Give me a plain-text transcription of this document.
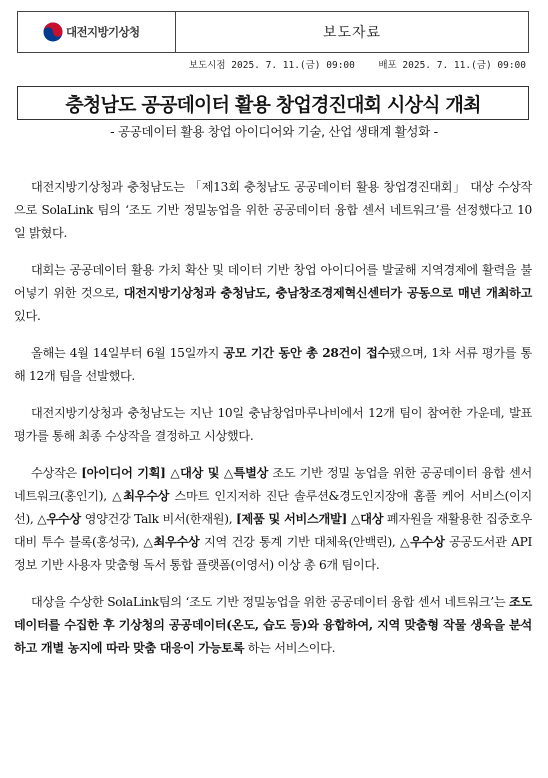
대전지방기상청	보도자료
보도시점 2025. 7. 11.(금) 09:00 배포 2025. 7. 11.(금) 09:00
충청남도 공공데이터 활용 창업경진대회 시상식 개최
- 공공데이터 활용 창업 아이디어와 기술, 산업 생태계 활성화 -

대전지방기상청과 충청남도는 「제13회 충청남도 공공데이터 활용 창업경진대회」 대상 수상작으로 SolaLink 팀의 ‘조도 기반 정밀농업을 위한 공공데이터 융합 센서 네트워크’를 선정했다고 10일 밝혔다.

대회는 공공데이터 활용 가치 확산 및 데이터 기반 창업 아이디어를 발굴해 지역경제에 활력을 불어넣기 위한 것으로, 대전지방기상청과 충청남도, 충남창조경제혁신센터가 공동으로 매년 개최하고 있다.

올해는 4월 14일부터 6월 15일까지 공모 기간 동안 총 28건이 접수됐으며, 1차 서류 평가를 통해 12개 팀을 선발했다.

대전지방기상청과 충청남도는 지난 10일 충남창업마루나비에서 12개 팀이 참여한 가운데, 발표평가를 통해 최종 수상작을 결정하고 시상했다.

수상작은 [아이디어 기획] △대상 및 △특별상 조도 기반 정밀 농업을 위한 공공데이터 융합 센서 네트워크(홍인기), △최우수상 스마트 인지저하 진단 솔루션&경도인지장애 홈풀 케어 서비스(이지선), △우수상 영양건강 Talk 비서(한재원), [제품 및 서비스개발] △대상 폐자원을 재활용한 집중호우 대비 투수 블록(홍성국), △최우수상 지역 건강 통계 기반 대체육(안백린), △우수상 공공도서관 API 정보 기반 사용자 맞춤형 독서 통합 플랫폼(이영서) 이상 총 6개 팀이다.

대상을 수상한 SolaLink팀의 ‘조도 기반 정밀농업을 위한 공공데이터 융합 센서 네트워크’는 조도 데이터를 수집한 후 기상청의 공공데이터(온도, 습도 등)와 융합하여, 지역 맞춤형 작물 생육을 분석하고 개별 농지에 따라 맞춤 대응이 가능토록 하는 서비스이다.
